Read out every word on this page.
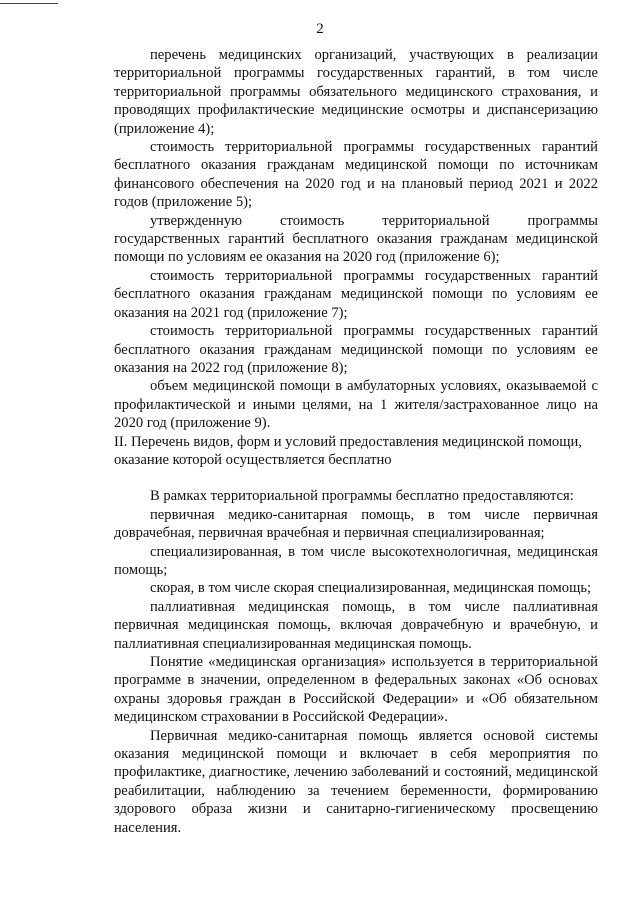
2

перечень медицинских организаций, участвующих в реализации территориальной программы государственных гарантий, в том числе территориальной программы обязательного медицинского страхования, и проводящих профилактические медицинские осмотры и диспансеризацию (приложение 4);

стоимость территориальной программы государственных гарантий бесплатного оказания гражданам медицинской помощи по источникам финансового обеспечения на 2020 год и на плановый период 2021 и 2022 годов (приложение 5);

утвержденную стоимость территориальной программы государственных гарантий бесплатного оказания гражданам медицинской помощи по условиям ее оказания на 2020 год (приложение 6);

стоимость территориальной программы государственных гарантий бесплатного оказания гражданам медицинской помощи по условиям ее оказания на 2021 год (приложение 7);

стоимость территориальной программы государственных гарантий бесплатного оказания гражданам медицинской помощи по условиям ее оказания на 2022 год (приложение 8);

объем медицинской помощи в амбулаторных условиях, оказываемой с профилактической и иными целями, на 1 жителя/застрахованное лицо на 2020 год (приложение 9).

II. Перечень видов, форм и условий предоставления медицинской помощи,
оказание которой осуществляется бесплатно

В рамках территориальной программы бесплатно предоставляются:

первичная медико-санитарная помощь, в том числе первичная доврачебная, первичная врачебная и первичная специализированная;

специализированная, в том числе высокотехнологичная, медицинская помощь;

скорая, в том числе скорая специализированная, медицинская помощь;

паллиативная медицинская помощь, в том числе паллиативная первичная медицинская помощь, включая доврачебную и врачебную, и паллиативная специализированная медицинская помощь.

Понятие «медицинская организация» используется в территориальной программе в значении, определенном в федеральных законах «Об основах охраны здоровья граждан в Российской Федерации» и «Об обязательном медицинском страховании в Российской Федерации».

Первичная медико-санитарная помощь является основой системы оказания медицинской помощи и включает в себя мероприятия по профилактике, диагностике, лечению заболеваний и состояний, медицинской реабилитации, наблюдению за течением беременности, формированию здорового образа жизни и санитарно-гигиеническому просвещению населения.
